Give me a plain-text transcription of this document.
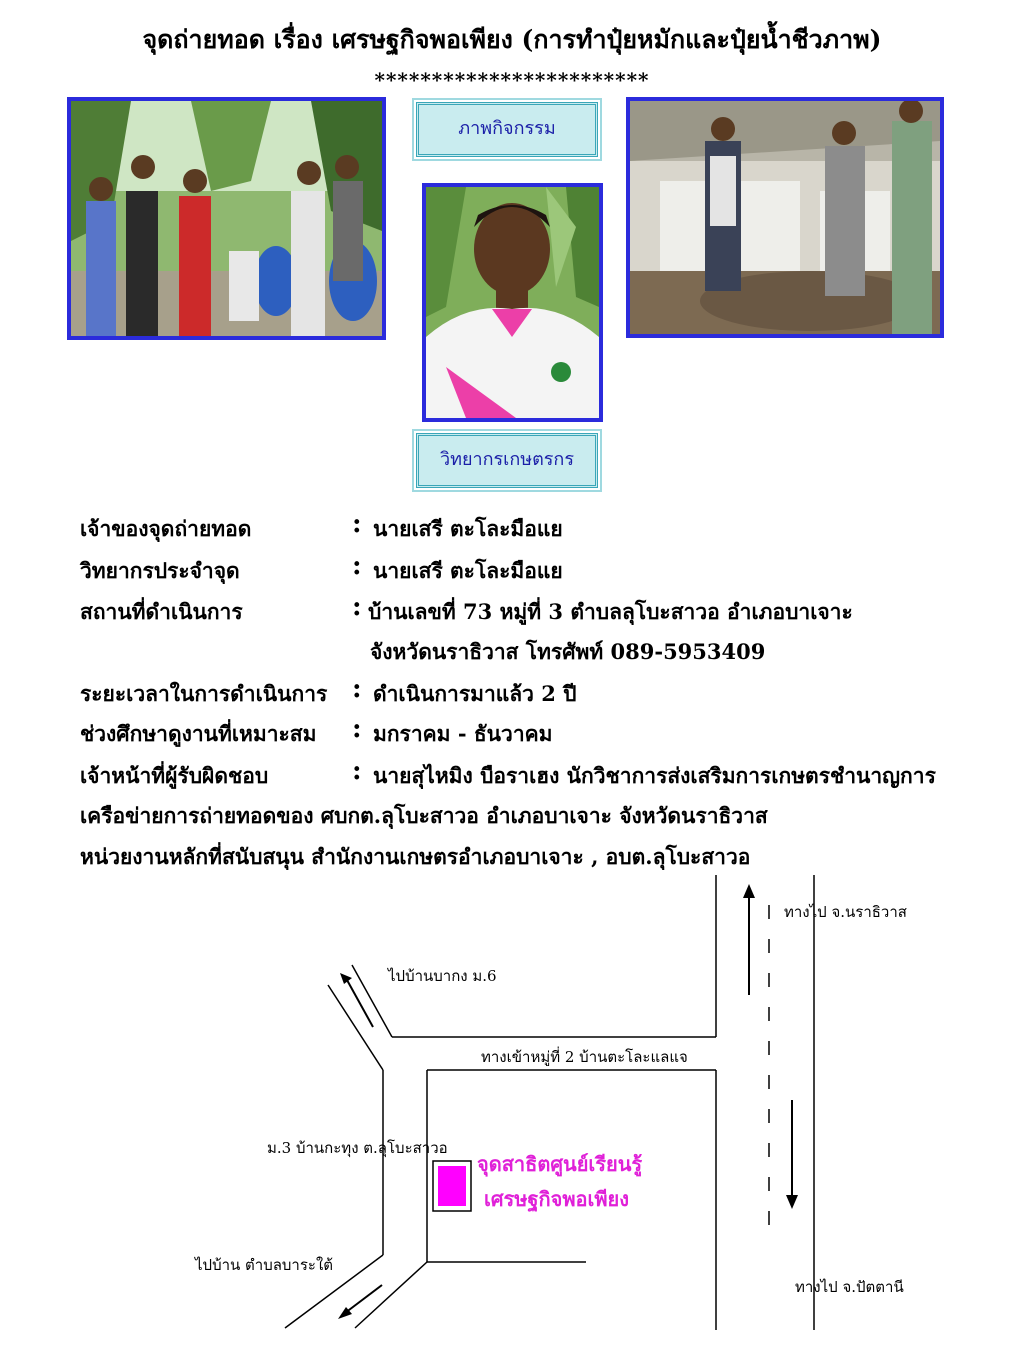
จุดถ่ายทอด เรื่อง เศรษฐกิจพอเพียง (การทำปุ๋ยหมักและปุ๋ยน้ำชีวภาพ)
************************
ภาพกิจกรรม
วิทยากรเกษตรกร
เจ้าของจุดถ่ายทอด	: นายเสรี ตะโละมือแย
วิทยากรประจำจุด	: นายเสรี ตะโละมือแย
สถานที่ดำเนินการ	: บ้านเลขที่ 73 หมู่ที่ 3 ตำบลลุโบะสาวอ อำเภอบาเจาะ
จังหวัดนราธิวาส โทรศัพท์ 089-5953409
ระยะเวลาในการดำเนินการ : ดำเนินการมาแล้ว 2 ปี
ช่วงศึกษาดูงานที่เหมาะสม : มกราคม - ธันวาคม
เจ้าหน้าที่ผู้รับผิดชอบ	: นายสุไหมิง บือราเฮง นักวิชาการส่งเสริมการเกษตรชำนาญการ
เครือข่ายการถ่ายทอดของ ศบกต.ลุโบะสาวอ อำเภอบาเจาะ จังหวัดนราธิวาส
หน่วยงานหลักที่สนับสนุน สำนักงานเกษตรอำเภอบาเจาะ , อบต.ลุโบะสาวอ
ทางไป จ.นราธิวาส
ไปบ้านบากง ม.6
ทางเข้าหมู่ที่ 2 บ้านตะโละแลแจ
ม.3 บ้านกะทุง ต.ลุโบะสาวอ
จุดสาธิตศูนย์เรียนรู้
เศรษฐกิจพอเพียง
ไปบ้าน ตำบลบาระใต้
ทางไป จ.ปัตตานี
